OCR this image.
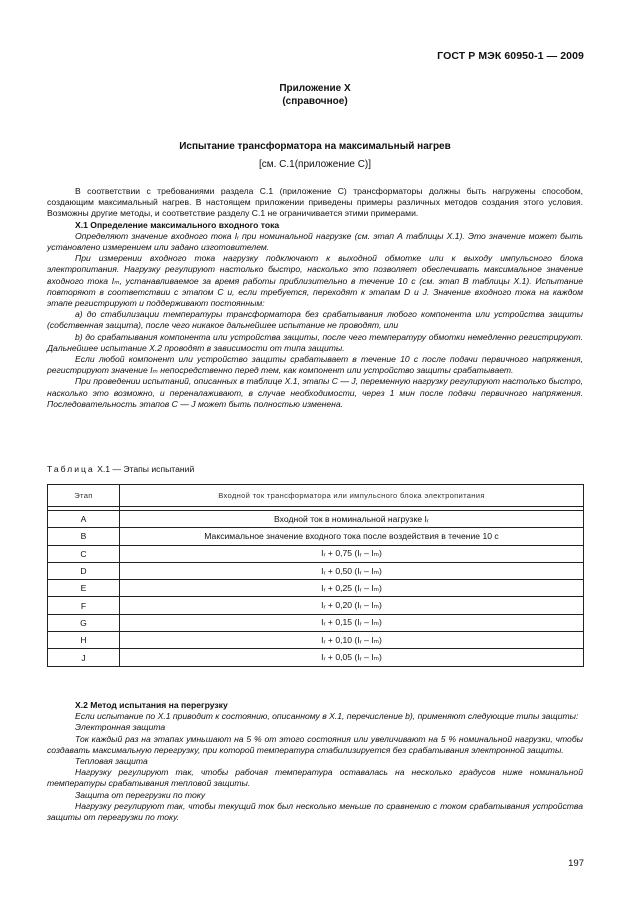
ГОСТ Р МЭК 60950-1 — 2009
Приложение X
(справочное)
Испытание трансформатора на максимальный нагрев
[см. С.1(приложение С)]

В соответствии с требованиями раздела С.1 (приложение С) трансформаторы должны быть нагружены способом, создающим максимальный нагрев. В настоящем приложении приведены примеры различных методов создания этого условия. Возможны другие методы, и соответствие разделу С.1 не ограничивается этими примерами.

X.1 Определение максимального входного тока

Определяют значение входного тока Iᵣ при номинальной нагрузке (см. этап А таблицы X.1). Это значение может быть установлено измерением или задано изготовителем.

При измерении входного тока нагрузку подключают к выходной обмотке или к выходу импульсного блока электропитания. Нагрузку регулируют настолько быстро, насколько это позволяет обеспечивать максимальное значение входного тока Iₘ, устанавливаемое за время работы приблизительно в течение 10 с (см. этап В таблицы X.1). Испытание повторяют в соответствии с этапом С и, если требуется, переходят к этапам D и J. Значение входного тока на каждом этапе регистрируют и поддерживают постоянным:

a) до стабилизации температуры трансформатора без срабатывания любого компонента или устройства защиты (собственная защита), после чего никакое дальнейшее испытание не проводят, или

b) до срабатывания компонента или устройства защиты, после чего температуру обмотки немедленно регистрируют. Дальнейшее испытание X.2 проводят в зависимости от типа защиты.

Если любой компонент или устройство защиты срабатывает в течение 10 с после подачи первичного напряжения, регистрируют значение Iₘ непосредственно перед тем, как компонент или устройство защиты срабатывает.

При проведении испытаний, описанных в таблице X.1, этапы С — J, переменную нагрузку регулируют настолько быстро, насколько это возможно, и переналаживают, в случае необходимости, через 1 мин после подачи первичного напряжения. Последовательность этапов С — J может быть полностью изменена.

Таблица X.1 — Этапы испытаний
Этап	Входной ток трансформатора или импульсного блока электропитания

A	Входной ток в номинальной нагрузке Iᵣ
B	Максимальное значение входного тока после воздействия в течение 10 с
C	Iᵣ + 0,75 (Iᵣ – Iₘ)
D	Iᵣ + 0,50 (Iᵣ – Iₘ)
E	Iᵣ + 0,25 (Iᵣ – Iₘ)
F	Iᵣ + 0,20 (Iᵣ – Iₘ)
G	Iᵣ + 0,15 (Iᵣ – Iₘ)
H	Iᵣ + 0,10 (Iᵣ – Iₘ)
J	Iᵣ + 0,05 (Iᵣ – Iₘ)

X.2 Метод испытания на перегрузку

Если испытание по X.1 приводит к состоянию, описанному в X.1, перечисление b), применяют следующие типы защиты:

Электронная защита

Ток каждый раз на этапах умньшают на 5 % от этого состояния или увеличивают на 5 % номинальной нагрузки, чтобы создавать максимальную перегрузку, при которой температура стабилизируется без срабатывания электронной защиты.

Тепловая защита

Нагрузку регулируют так, чтобы рабочая температура оставалась на несколько градусов ниже номинальной температуры срабатывания тепловой защиты.

Защита от перегрузки по току

Нагрузку регулируют так, чтобы текущий ток был несколько меньше по сравнению с током срабатывания устройства защиты от перегрузки по току.

197
